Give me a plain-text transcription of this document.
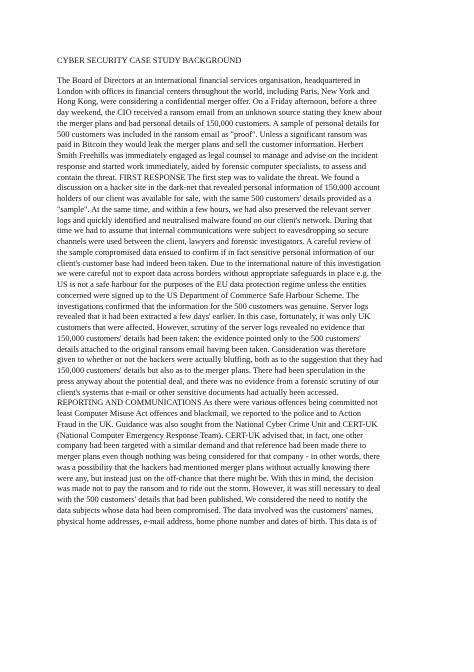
CYBER SECURITY CASE STUDY BACKGROUND
The Board of Directors at an international financial services organisation, headquartered in
London with offices in financial centers throughout the world, including Paris, New York and
Hong Kong, were considering a confidential merger offer. On a Friday afternoon, before a three
day weekend, the CIO received a ransom email from an unknown source stating they knew about
the merger plans and had personal details of 150,000 customers. A sample of personal details for
500 customers was included in the ransom email as "proof". Unless a significant ransom was
paid in Bitcoin they would leak the merger plans and sell the customer information. Herbert
Smith Freehills was immediately engaged as legal counsel to manage and advise on the incident
response and started work immediately, aided by forensic computer specialists, to assess and
contain the threat. FIRST RESPONSE The first step was to validate the threat. We found a
discussion on a hacker site in the dark-net that revealed personal information of 150,000 account
holders of our client was available for sale, with the same 500 customers' details provided as a
"sample". At the same time, and within a few hours, we had also preserved the relevant server
logs and quickly identified and neutralised malware found on our client's network. During that
time we had to assume that internal communications were subject to eavesdropping so secure
channels were used between the client, lawyers and forensic investigators. A careful review of
the sample compromised data ensued to confirm if in fact sensitive personal information of our
client's customer base had indeed been taken. Due to the international nature of this investigation
we were careful not to export data across borders without appropriate safeguards in place e.g. the
US is not a safe harbour for the purposes of the EU data protection regime unless the entities
concerned were signed up to the US Department of Commerce Safe Harbour Scheme. The
investigations confirmed that the information for the 500 customers was genuine. Server logs
revealed that it had been extracted a few days' earlier. In this case, fortunately, it was only UK
customers that were affected. However, scrutiny of the server logs revealed no evidence that
150,000 customers' details had been taken: the evidence pointed only to the 500 customers'
details attached to the original ransom email having been taken. Consideration was therefore
given to whether or not the hackers were actually bluffing, both as to the suggestion that they had
150,000 customers' details but also as to the merger plans. There had been speculation in the
press anyway about the potential deal, and there was no evidence from a forensic scrutiny of our
client's systems that e-mail or other sensitive documents had actually been accessed.
REPORTING AND COMMUNICATIONS As there were various offences being committed not
least Computer Misuse Act offences and blackmail, we reported to the police and to Action
Fraud in the UK. Guidance was also sought from the National Cyber Crime Unit and CERT-UK
(National Computer Emergency Response Team). CERT-UK advised that, in fact, one other
company had been targeted with a similar demand and that reference had been made there to
merger plans even though nothing was being considered for that company - in other words, there
was a possibility that the hackers had mentioned merger plans without actually knowing there
were any, but instead just on the off-chance that there might be. With this in mind, the decision
was made not to pay the ransom and to ride out the storm. However, it was still necessary to deal
with the 500 customers' details that had been published. We considered the need to notify the
data subjects whose data had been compromised. The data involved was the customers' names,
physical home addresses, e-mail address, home phone number and dates of birth. This data is of
